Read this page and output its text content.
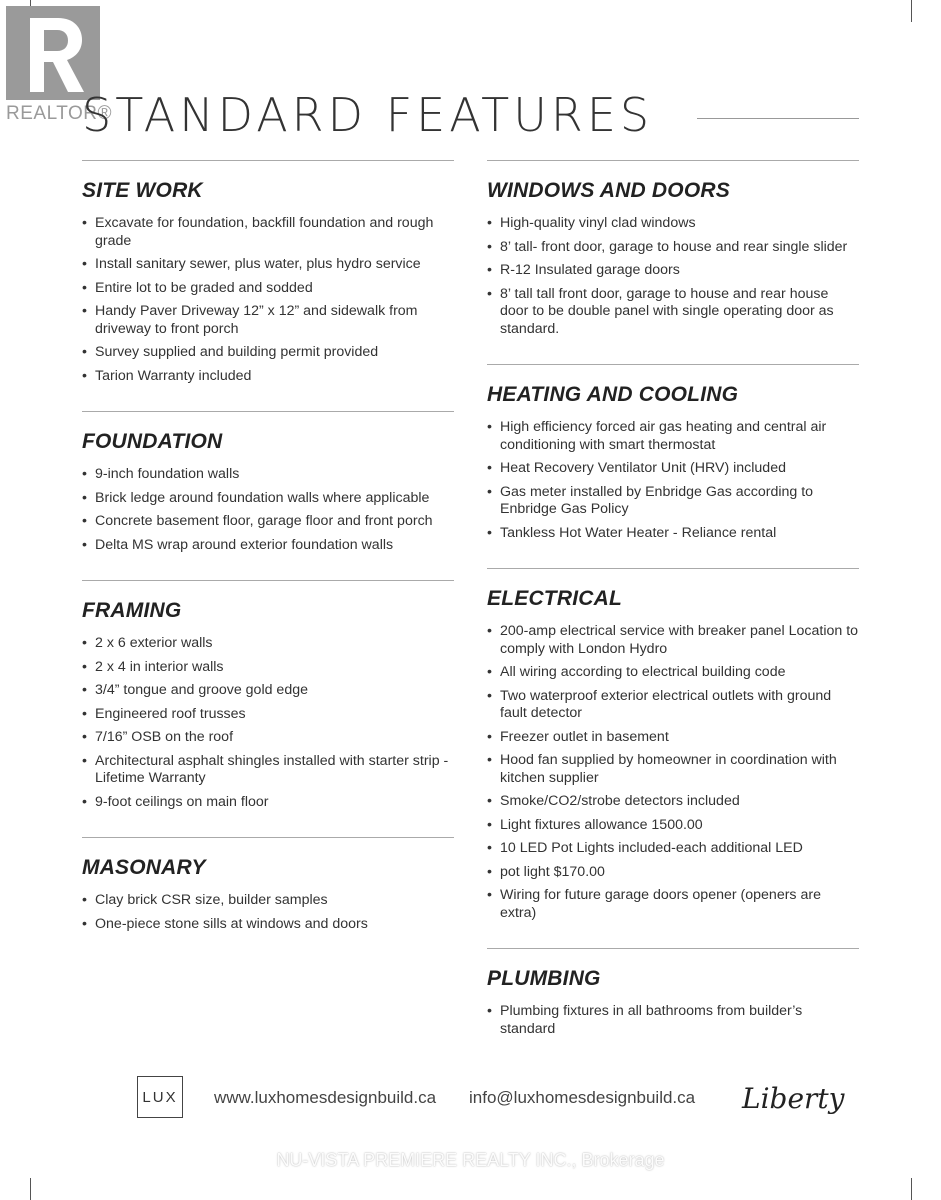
REALTOR®
STANDARD FEATURES
SITE WORK
• Excavate for foundation, backfill foundation and rough grade
• Install sanitary sewer, plus water, plus hydro service
• Entire lot to be graded and sodded
• Handy Paver Driveway 12” x 12” and sidewalk from driveway to front porch
• Survey supplied and building permit provided
• Tarion Warranty included
FOUNDATION
• 9-inch foundation walls
• Brick ledge around foundation walls where applicable
• Concrete basement floor, garage floor and front porch
• Delta MS wrap around exterior foundation walls
FRAMING
• 2 x 6 exterior walls
• 2 x 4 in interior walls
• 3/4” tongue and groove gold edge
• Engineered roof trusses
• 7/16” OSB on the roof
• Architectural asphalt shingles installed with starter strip - Lifetime Warranty
• 9-foot ceilings on main floor
MASONARY
• Clay brick CSR size, builder samples
• One-piece stone sills at windows and doors
WINDOWS AND DOORS
• High-quality vinyl clad windows
• 8’ tall- front door, garage to house and rear single slider
• R-12 Insulated garage doors
• 8’ tall tall front door, garage to house and rear house door to be double panel with single operating door as standard.
HEATING AND COOLING
• High efficiency forced air gas heating and central air conditioning with smart thermostat
• Heat Recovery Ventilator Unit (HRV) included
• Gas meter installed by Enbridge Gas according to Enbridge Gas Policy
• Tankless Hot Water Heater - Reliance rental
ELECTRICAL
• 200-amp electrical service with breaker panel Location to comply with London Hydro
• All wiring according to electrical building code
• Two waterproof exterior electrical outlets with ground fault detector
• Freezer outlet in basement
• Hood fan supplied by homeowner in coordination with kitchen supplier
• Smoke/CO2/strobe detectors included
• Light fixtures allowance 1500.00
• 10 LED Pot Lights included-each additional LED
• pot light $170.00
• Wiring for future garage doors opener (openers are extra)
PLUMBING
• Plumbing fixtures in all bathrooms from builder’s standard
LUX	www.luxhomesdesignbuild.ca info@luxhomesdesignbuild.ca Liberty
NU-VISTA PREMIERE REALTY INC., Brokerage
